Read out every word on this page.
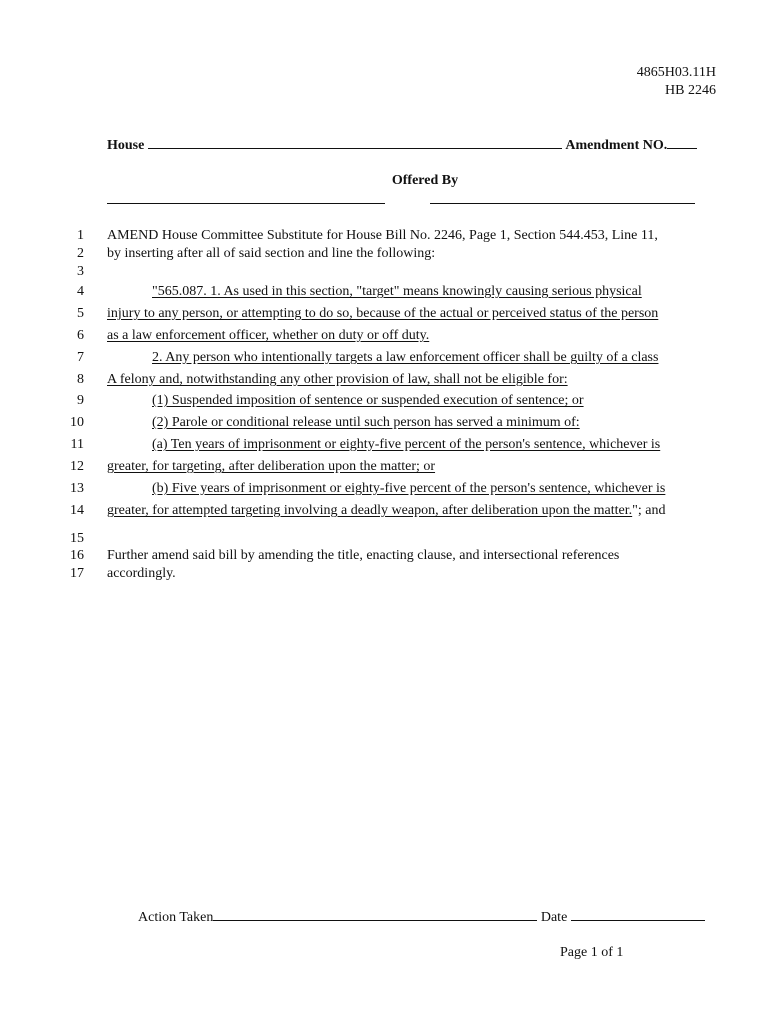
4865H03.11H
HB 2246
House	Amendment NO.
Offered By
1 AMEND House Committee Substitute for House Bill No. 2246, Page 1, Section 544.453, Line 11,
2 by inserting after all of said section and line the following:
3
4	"565.087. 1. As used in this section, "target" means knowingly causing serious physical
5 injury to any person, or attempting to do so, because of the actual or perceived status of the person
6 as a law enforcement officer, whether on duty or off duty.
7	2. Any person who intentionally targets a law enforcement officer shall be guilty of a class
8 A felony and, notwithstanding any other provision of law, shall not be eligible for:
9	(1) Suspended imposition of sentence or suspended execution of sentence; or
10	(2) Parole or conditional release until such person has served a minimum of:
11	(a) Ten years of imprisonment or eighty-five percent of the person's sentence, whichever is
12 greater, for targeting, after deliberation upon the matter; or
13	(b) Five years of imprisonment or eighty-five percent of the person's sentence, whichever is
14 greater, for attempted targeting involving a deadly weapon, after deliberation upon the matter."; and
15
16 Further amend said bill by amending the title, enacting clause, and intersectional references
17 accordingly.
Action Taken	Date
Page 1 of 1
